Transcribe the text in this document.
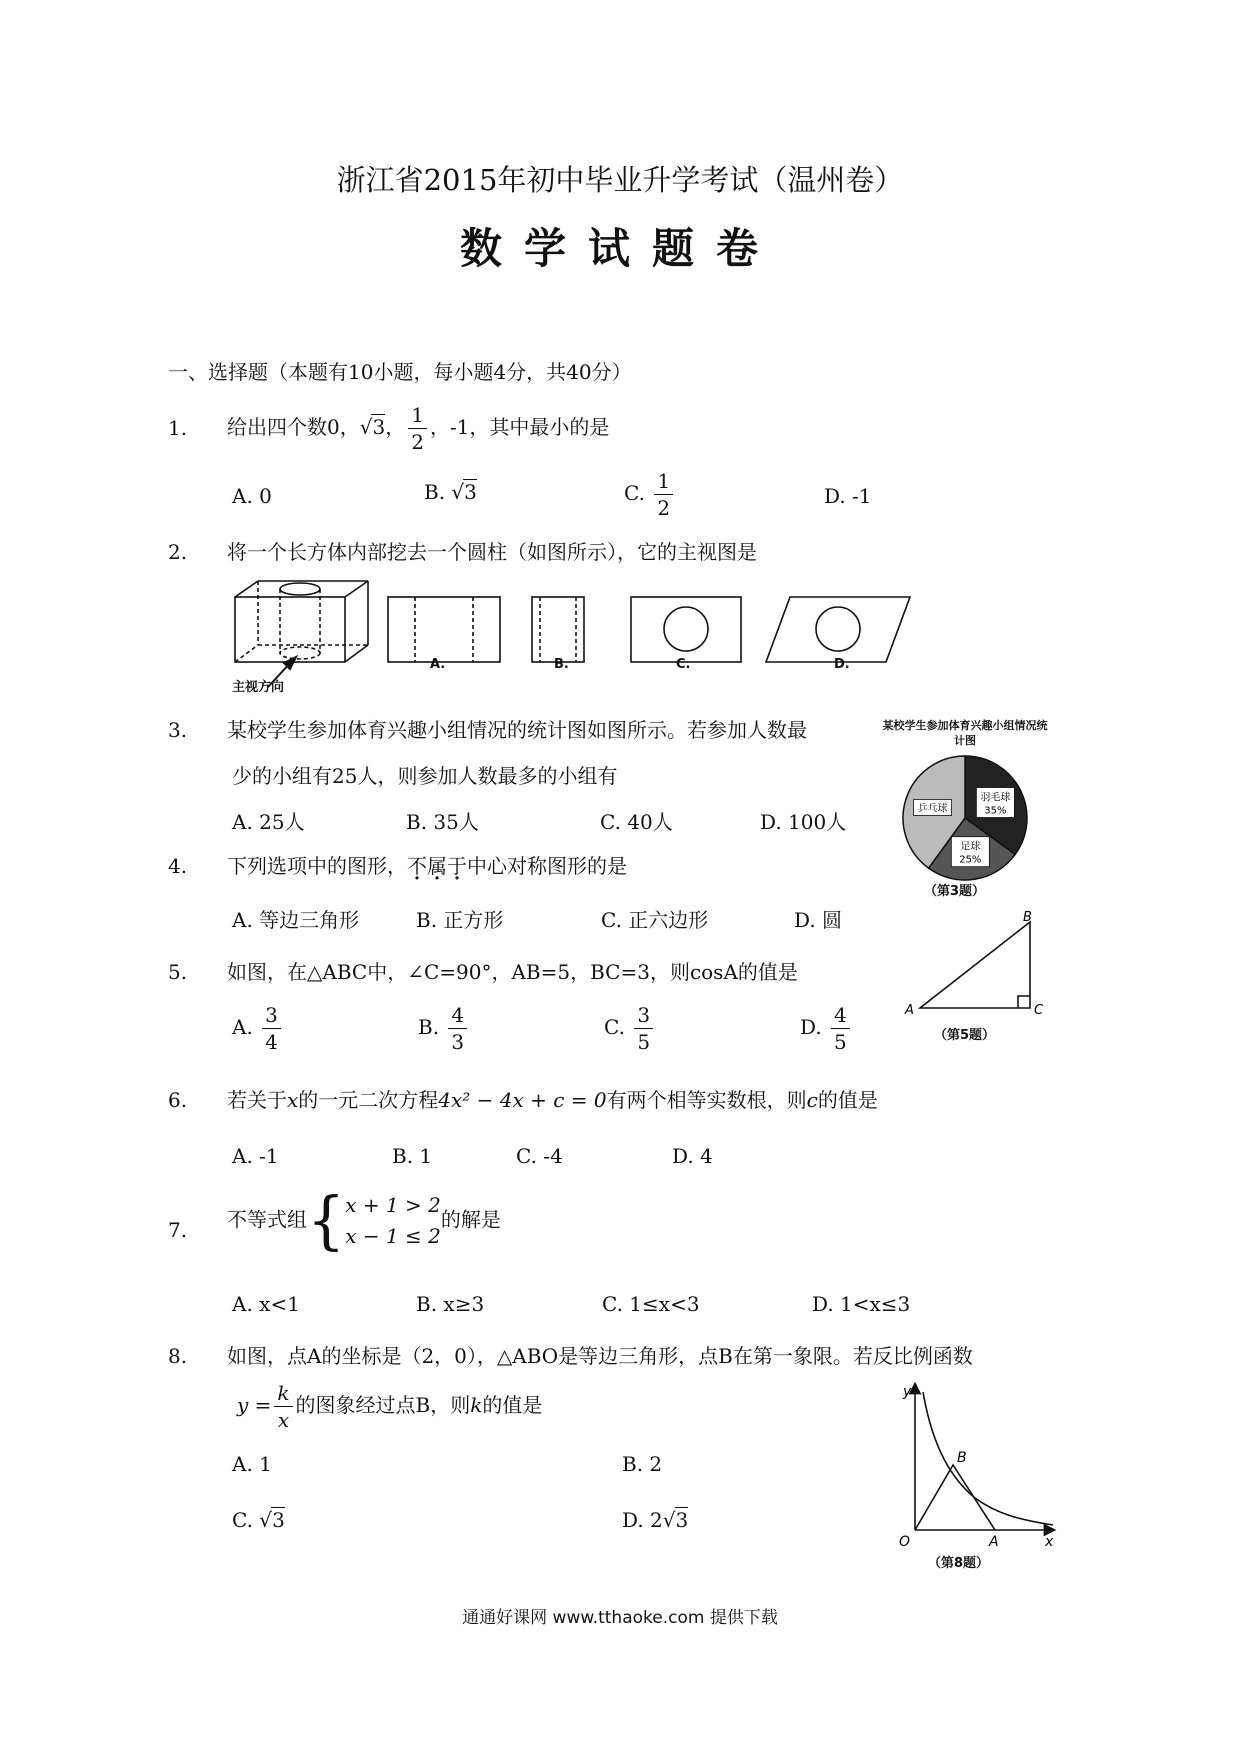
浙江省2015年初中毕业升学考试（温州卷）
数学试题卷
一、选择题（本题有10小题，每小题4分，共40分）
1. 给出四个数0，√3， $\frac{1}{2}$ ，-1，其中最小的是
A. 0	B. √3	C. $\frac{1}{2}$	D. -1
2. 将一个长方体内部挖去一个圆柱（如图所示），它的主视图是
主视方向
A.	B.	C.	D.
3. 某校学生参加体育兴趣小组情况的统计图如图所示。若参加人数最
少的小组有25人，则参加人数最多的小组有
A. 25人	B. 35人	C. 40人	D. 100人
某校学生参加体育兴趣小组情况统计图
羽毛球
35%
足球
25%
乒乓球
（第3题）
4. 下列选项中的图形，不属于中心对称图形的是
A. 等边三角形	B. 正方形	C. 正六边形	D. 圆
5. 如图，在△ABC中，∠C=90°，AB=5，BC=3，则cosA的值是
A. $\frac{3}{4}$	B. $\frac{4}{3}$	C. $\frac{3}{5}$	D. $\frac{4}{5}$	A
B
C
（第5题）
6. 若关于x的一元二次方程4x² − 4x + c = 0有两个相等实数根，则c的值是
A. -1	B. 1	C. -4	D. 4
7. 不等式组{ x + 1 > 2
x − 1 ≤ 2
的解是
A. x<1	B. x≥3	C. 1≤x<3	D. 1<x≤3
8. 如图，点A的坐标是（2，0），△ABO是等边三角形，点B在第一象限。若反比例函数
$y = \frac{k}{x}$ 的图象经过点B，则k的值是
A. 1	B. 2
C. √3	D. 2√3
y
x
O	A
B
（第8题）
通通好课网 www.tthaoke.com 提供下载
